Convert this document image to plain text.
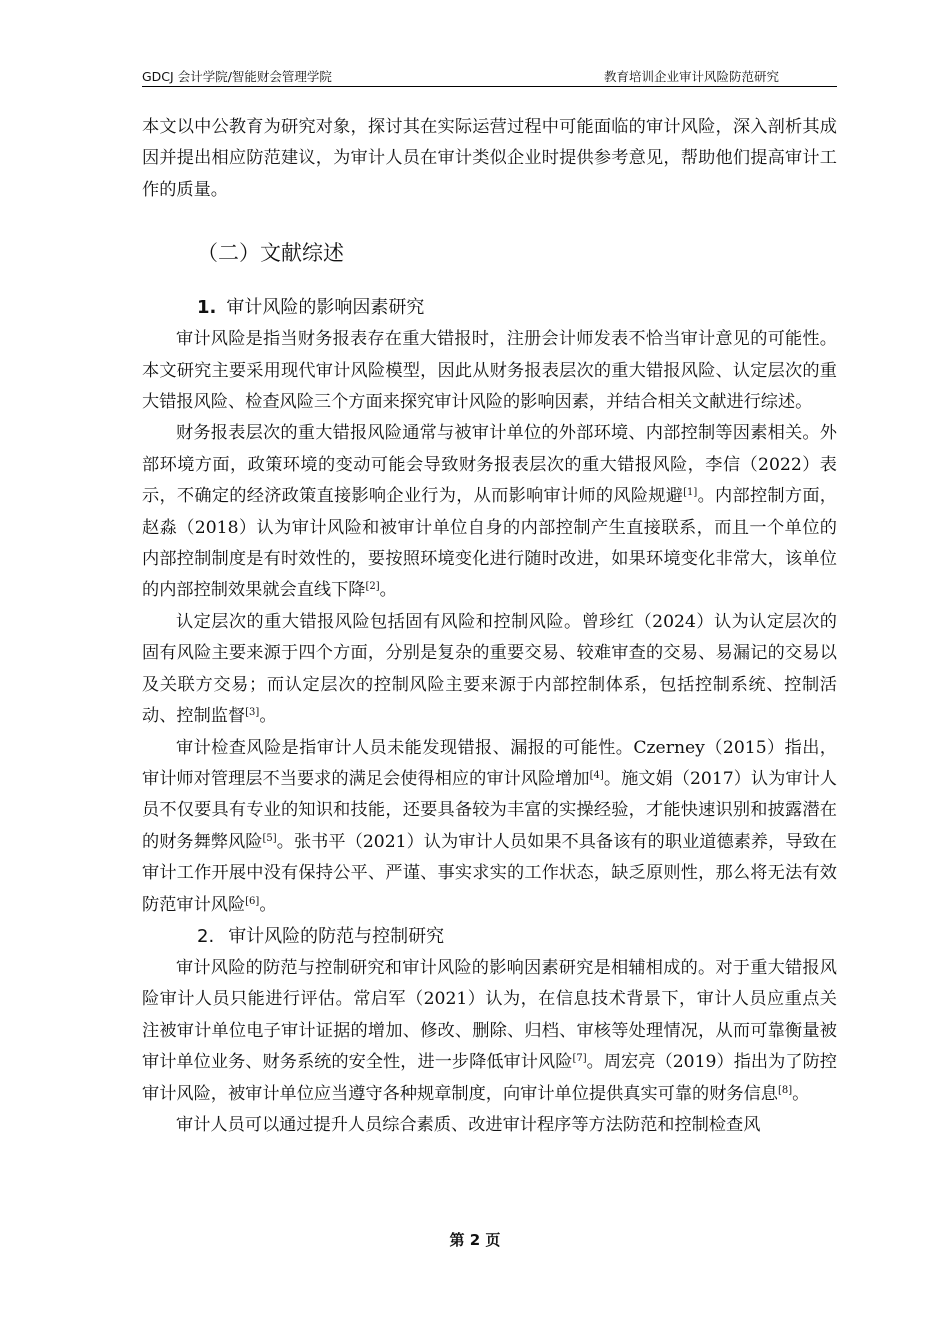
GDCJ 会计学院/智能财会管理学院	教育培训企业审计风险防范研究

本文以中公教育为研究对象，探讨其在实际运营过程中可能面临的审计风险，深入剖析其成因并提出相应防范建议，为审计人员在审计类似企业时提供参考意见，帮助他们提高审计工作的质量。

（二）文献综述
1. 审计风险的影响因素研究

审计风险是指当财务报表存在重大错报时，注册会计师发表不恰当审计意见的可能性。本文研究主要采用现代审计风险模型，因此从财务报表层次的重大错报风险、认定层次的重大错报风险、检查风险三个方面来探究审计风险的影响因素，并结合相关文献进行综述。

财务报表层次的重大错报风险通常与被审计单位的外部环境、内部控制等因素相关。外部环境方面，政策环境的变动可能会导致财务报表层次的重大错报风险，李信（2022）表示，不确定的经济政策直接影响企业行为，从而影响审计师的风险规避[1]。内部控制方面，赵淼（2018）认为审计风险和被审计单位自身的内部控制产生直接联系，而且一个单位的内部控制制度是有时效性的，要按照环境变化进行随时改进，如果环境变化非常大，该单位的内部控制效果就会直线下降[2]。

认定层次的重大错报风险包括固有风险和控制风险。曾珍红（2024）认为认定层次的固有风险主要来源于四个方面，分别是复杂的重要交易、较难审查的交易、易漏记的交易以及关联方交易；而认定层次的控制风险主要来源于内部控制体系，包括控制系统、控制活动、控制监督[3]。

审计检查风险是指审计人员未能发现错报、漏报的可能性。Czerney（2015）指出，审计师对管理层不当要求的满足会使得相应的审计风险增加[4]。施文娟（2017）认为审计人员不仅要具有专业的知识和技能，还要具备较为丰富的实操经验，才能快速识别和披露潜在的财务舞弊风险[5]。张书平（2021）认为审计人员如果不具备该有的职业道德素养，导致在审计工作开展中没有保持公平、严谨、事实求实的工作状态，缺乏原则性，那么将无法有效防范审计风险[6]。

2. 审计风险的防范与控制研究

审计风险的防范与控制研究和审计风险的影响因素研究是相辅相成的。对于重大错报风险审计人员只能进行评估。常启军（2021）认为，在信息技术背景下，审计人员应重点关注被审计单位电子审计证据的增加、修改、删除、归档、审核等处理情况，从而可靠衡量被审计单位业务、财务系统的安全性，进一步降低审计风险[7]。周宏亮（2019）指出为了防控审计风险，被审计单位应当遵守各种规章制度，向审计单位提供真实可靠的财务信息[8]。

审计人员可以通过提升人员综合素质、改进审计程序等方法防范和控制检查风

第 2 页
